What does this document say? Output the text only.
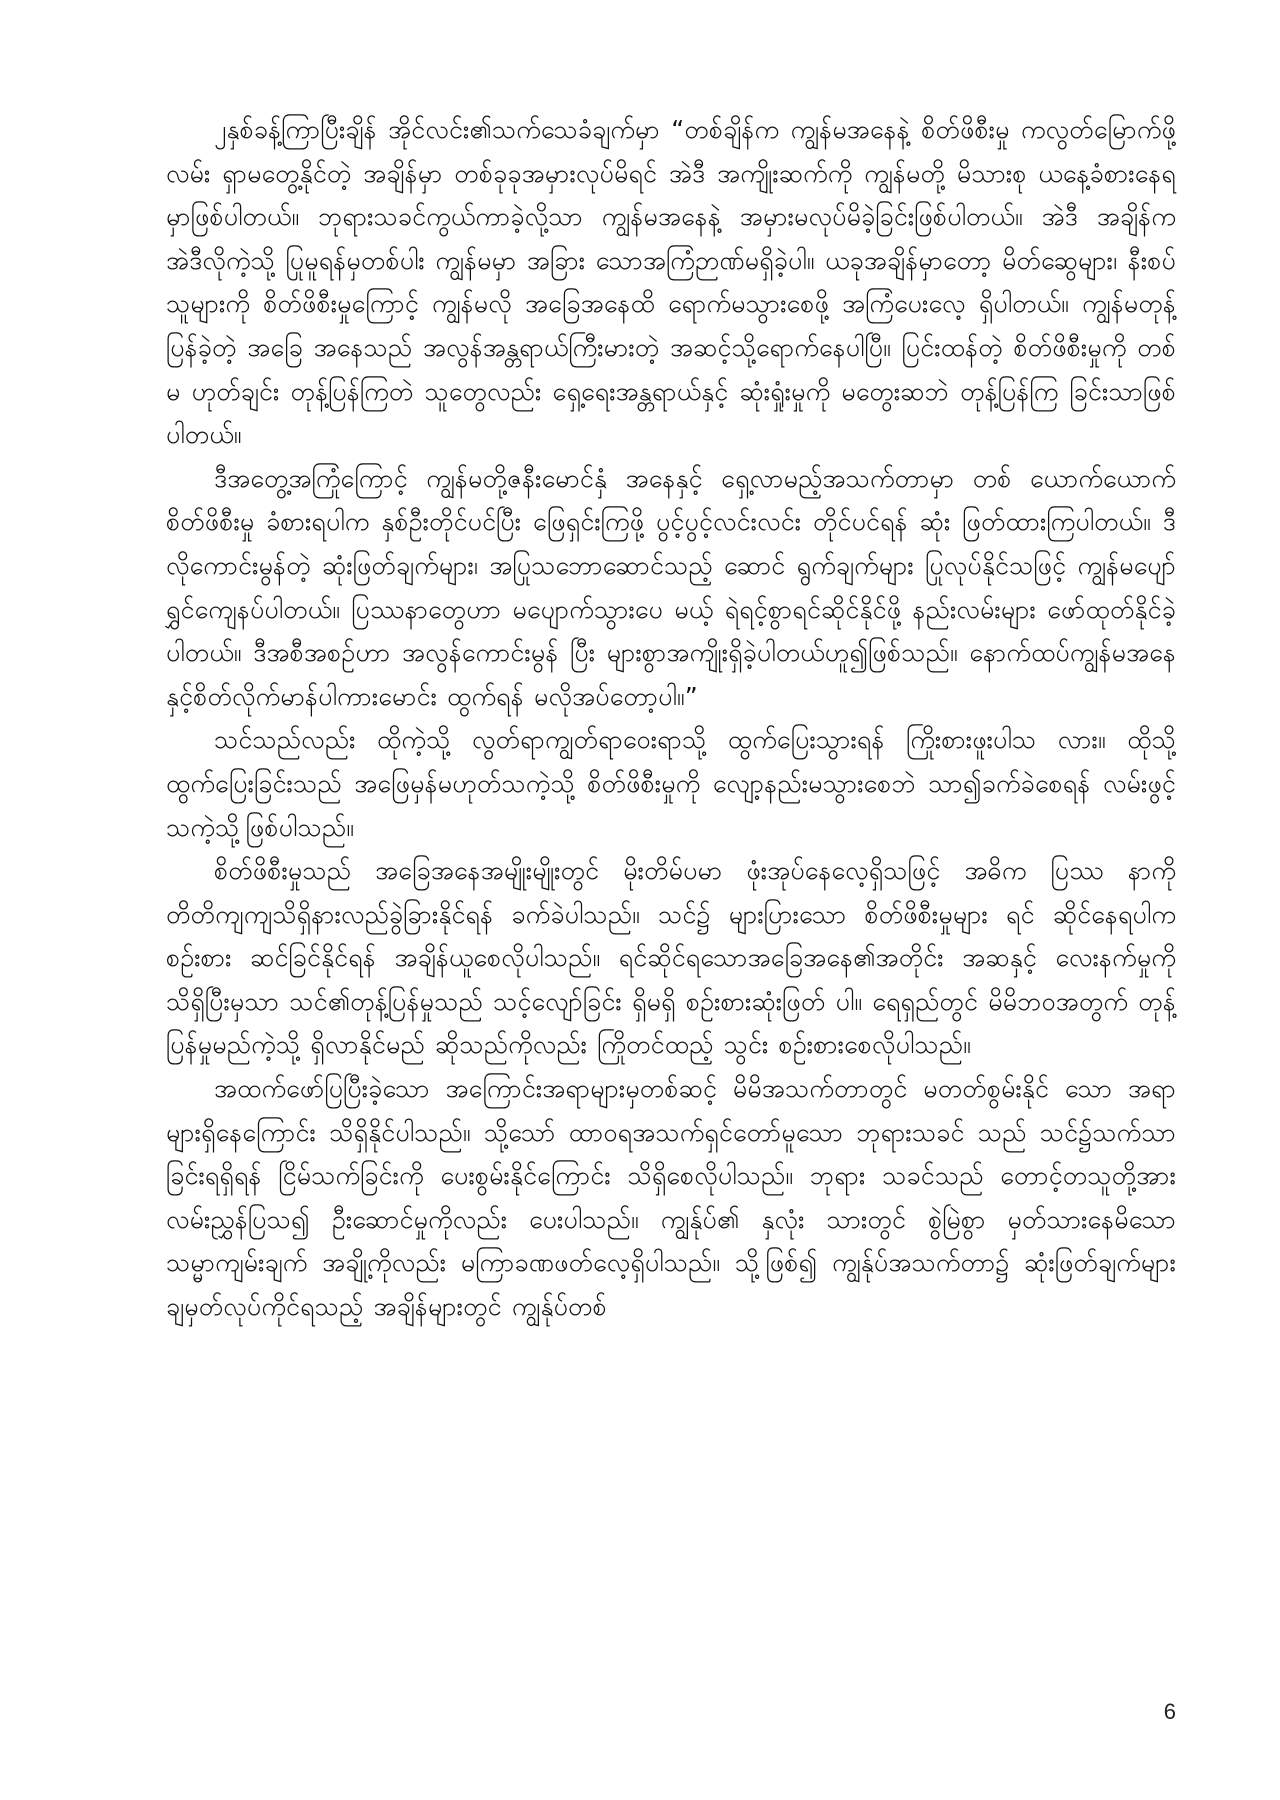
၂နှစ်ခန့်ကြာပြီးချိန် အိုင်လင်း၏သက်သေခံချက်မှာ “တစ်ချိန်က ကျွန်မအနေနဲ့ စိတ်ဖိစီးမှု ကလွတ်မြောက်ဖို့လမ်း ရှာမတွေ့နိုင်တဲ့ အချိန်မှာ တစ်ခုခုအမှားလုပ်မိရင် အဲဒီ အကျိုးဆက်ကို ကျွန်မတို့ မိသားစု ယနေ့ခံစားနေရမှာဖြစ်ပါတယ်။ ဘုရားသခင်ကွယ်ကာခဲ့လို့သာ ကျွန်မအနေနဲ့ အမှားမလုပ်မိခဲ့ခြင်းဖြစ်ပါတယ်။ အဲဒီ အချိန်က အဲဒီလိုကဲ့သို့ ပြုမူရန်မှတစ်ပါး ကျွန်မမှာ အခြား သောအကြံဉာဏ်မရှိခဲ့ပါ။ ယခုအချိန်မှာတော့ မိတ်ဆွေများ၊ နီးစပ်သူများကို စိတ်ဖိစီးမှုကြောင့် ကျွန်မလို အခြေအနေထိ ရောက်မသွားစေဖို့ အကြံပေးလေ့ ရှိပါတယ်။ ကျွန်မတုန့်ပြန်ခဲ့တဲ့ အခြေ အနေသည် အလွန်အန္တရာယ်ကြီးမားတဲ့ အဆင့်သို့ရောက်နေပါပြီ။ ပြင်းထန်တဲ့ စိတ်ဖိစီးမှုကို တစ်မ ဟုတ်ချင်း တုန့်ပြန်ကြတဲ သူတွေလည်း ရှေ့ရေးအန္တရာယ်နှင့် ဆုံးရှုံးမှုကို မတွေးဆဘဲ တုန့်ပြန်ကြ ခြင်းသာဖြစ်ပါတယ်။

ဒီအတွေ့အကြုံကြောင့် ကျွန်မတို့ဇနီးမောင်နှံ အနေနှင့် ရှေ့လာမည့်အသက်တာမှာ တစ် ယောက်ယောက် စိတ်ဖိစီးမှု ခံစားရပါက နှစ်ဦးတိုင်ပင်ပြီး ဖြေရှင်းကြဖို့ ပွင့်ပွင့်လင်းလင်း တိုင်ပင်ရန် ဆုံး ဖြတ်ထားကြပါတယ်။ ဒီလိုကောင်းမွန်တဲ့ ဆုံးဖြတ်ချက်များ၊ အပြုသဘောဆောင်သည့် ဆောင် ရွက်ချက်များ ပြုလုပ်နိုင်သဖြင့် ကျွန်မပျော်ရွှင်ကျေနပ်ပါတယ်။ ပြဿနာတွေဟာ မပျောက်သွားပေ မယ့် ရဲရင့်စွာရင်ဆိုင်နိုင်ဖို့ နည်းလမ်းများ ဖော်ထုတ်နိုင်ခဲ့ပါတယ်။ ဒီအစီအစဉ်ဟာ အလွန်ကောင်းမွန် ပြီး များစွာအကျိုးရှိခဲ့ပါတယ်ဟူ၍ဖြစ်သည်။ နောက်ထပ်ကျွန်မအနေနှင့်စိတ်လိုက်မာန်ပါကားမောင်း ထွက်ရန် မလိုအပ်တော့ပါ။”

သင်သည်လည်း ထိုကဲ့သို့ လွတ်ရာကျွတ်ရာဝေးရာသို့ ထွက်ပြေးသွားရန် ကြိုးစားဖူးပါသ လား။ ထိုသို့ထွက်ပြေးခြင်းသည် အဖြေမှန်မဟုတ်သကဲ့သို့ စိတ်ဖိစီးမှုကို လျော့နည်းမသွားစေဘဲ သာ၍ခက်ခဲစေရန် လမ်းဖွင့်သကဲ့သို့ဖြစ်ပါသည်။

စိတ်ဖိစီးမှုသည် အခြေအနေအမျိုးမျိုးတွင် မိုးတိမ်ပမာ ဖုံးအုပ်နေလေ့ရှိသဖြင့် အဓိက ပြဿ နာကို တိတိကျကျသိရှိနားလည်ခွဲခြားနိုင်ရန် ခက်ခဲပါသည်။ သင်၌ များပြားသော စိတ်ဖိစီးမှုများ ရင် ဆိုင်နေရပါက စဉ်းစား ဆင်ခြင်နိုင်ရန် အချိန်ယူစေလိုပါသည်။ ရင်ဆိုင်ရသောအခြေအနေ၏အတိုင်း အဆနှင့် လေးနက်မှုကို သိရှိပြီးမှသာ သင်၏တုန့်ပြန်မှုသည် သင့်လျော်ခြင်း ရှိမရှိ စဉ်းစားဆုံးဖြတ် ပါ။ ရေရှည်တွင် မိမိဘဝအတွက် တုန့်ပြန်မှုမည်ကဲ့သို့ ရှိလာနိုင်မည် ဆိုသည်ကိုလည်း ကြိုတင်ထည့် သွင်း စဉ်းစားစေလိုပါသည်။

အထက်ဖော်ပြပြီးခဲ့သော အကြောင်းအရာများမှတစ်ဆင့် မိမိအသက်တာတွင် မတတ်စွမ်းနိုင် သော အရာများရှိနေကြောင်း သိရှိနိုင်ပါသည်။ သို့သော် ထာဝရအသက်ရှင်တော်မူသော ဘုရားသခင် သည် သင်၌သက်သာခြင်းရရှိရန် ငြိမ်သက်ခြင်းကို ပေးစွမ်းနိုင်ကြောင်း သိရှိစေလိုပါသည်။ ဘုရား သခင်သည် တောင့်တသူတို့အား လမ်းညွှန်ပြသ၍ ဦးဆောင်မှုကိုလည်း ပေးပါသည်။ ကျွန်ုပ်၏ နှလုံး သားတွင် စွဲမြဲစွာ မှတ်သားနေမိသော သမ္မာကျမ်းချက် အချို့ကိုလည်း မကြာခဏဖတ်လေ့ရှိပါသည်။ သို့ဖြစ်၍ ကျွန်ုပ်အသက်တာ၌ ဆုံးဖြတ်ချက်များ ချမှတ်လုပ်ကိုင်ရသည့် အချိန်များတွင် ကျွန်ုပ်တစ်

6
